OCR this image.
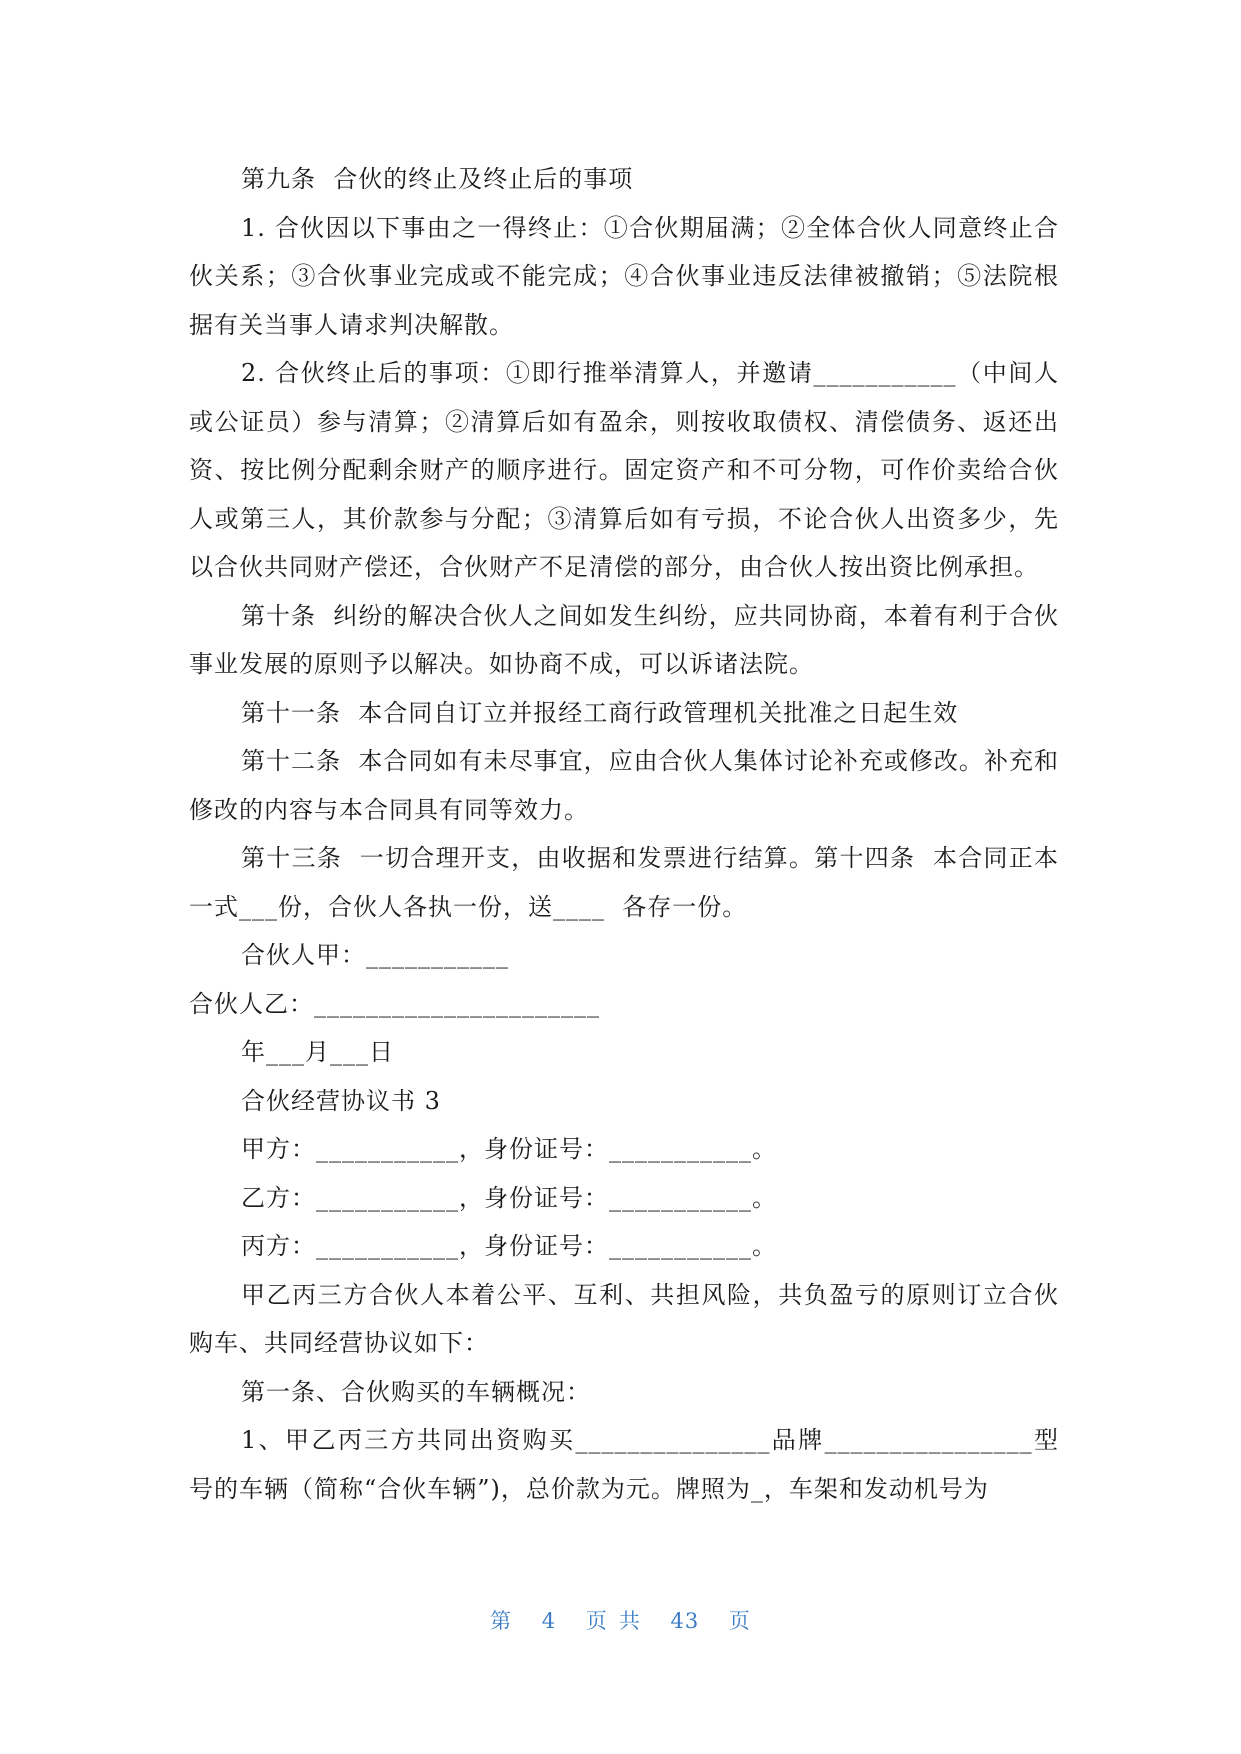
第九条  合伙的终止及终止后的事项

1. 合伙因以下事由之一得终止：①合伙期届满；②全体合伙人同意终止合伙关系；③合伙事业完成或不能完成；④合伙事业违反法律被撤销；⑤法院根据有关当事人请求判决解散。

2. 合伙终止后的事项：①即行推举清算人，并邀请___________（中间人或公证员）参与清算；②清算后如有盈余，则按收取债权、清偿债务、返还出资、按比例分配剩余财产的顺序进行。固定资产和不可分物，可作价卖给合伙人或第三人，其价款参与分配；③清算后如有亏损，不论合伙人出资多少，先以合伙共同财产偿还，合伙财产不足清偿的部分，由合伙人按出资比例承担。

第十条  纠纷的解决合伙人之间如发生纠纷，应共同协商，本着有利于合伙事业发展的原则予以解决。如协商不成，可以诉诸法院。

第十一条  本合同自订立并报经工商行政管理机关批准之日起生效

第十二条  本合同如有未尽事宜，应由合伙人集体讨论补充或修改。补充和修改的内容与本合同具有同等效力。

第十三条  一切合理开支，由收据和发票进行结算。第十四条  本合同正本一式___份，合伙人各执一份，送____  各存一份。

合伙人甲：___________

合伙人乙：______________________

年___月___日

合伙经营协议书 3

甲方：___________，身份证号：___________。

乙方：___________，身份证号：___________。

丙方：___________，身份证号：___________。

甲乙丙三方合伙人本着公平、互利、共担风险，共负盈亏的原则订立合伙购车、共同经营协议如下：

第一条、合伙购买的车辆概况：

1、甲乙丙三方共同出资购买_______________品牌________________型号的车辆（简称“合伙车辆”)，总价款为元。牌照为_，车架和发动机号为

第 4 页 共 43 页
